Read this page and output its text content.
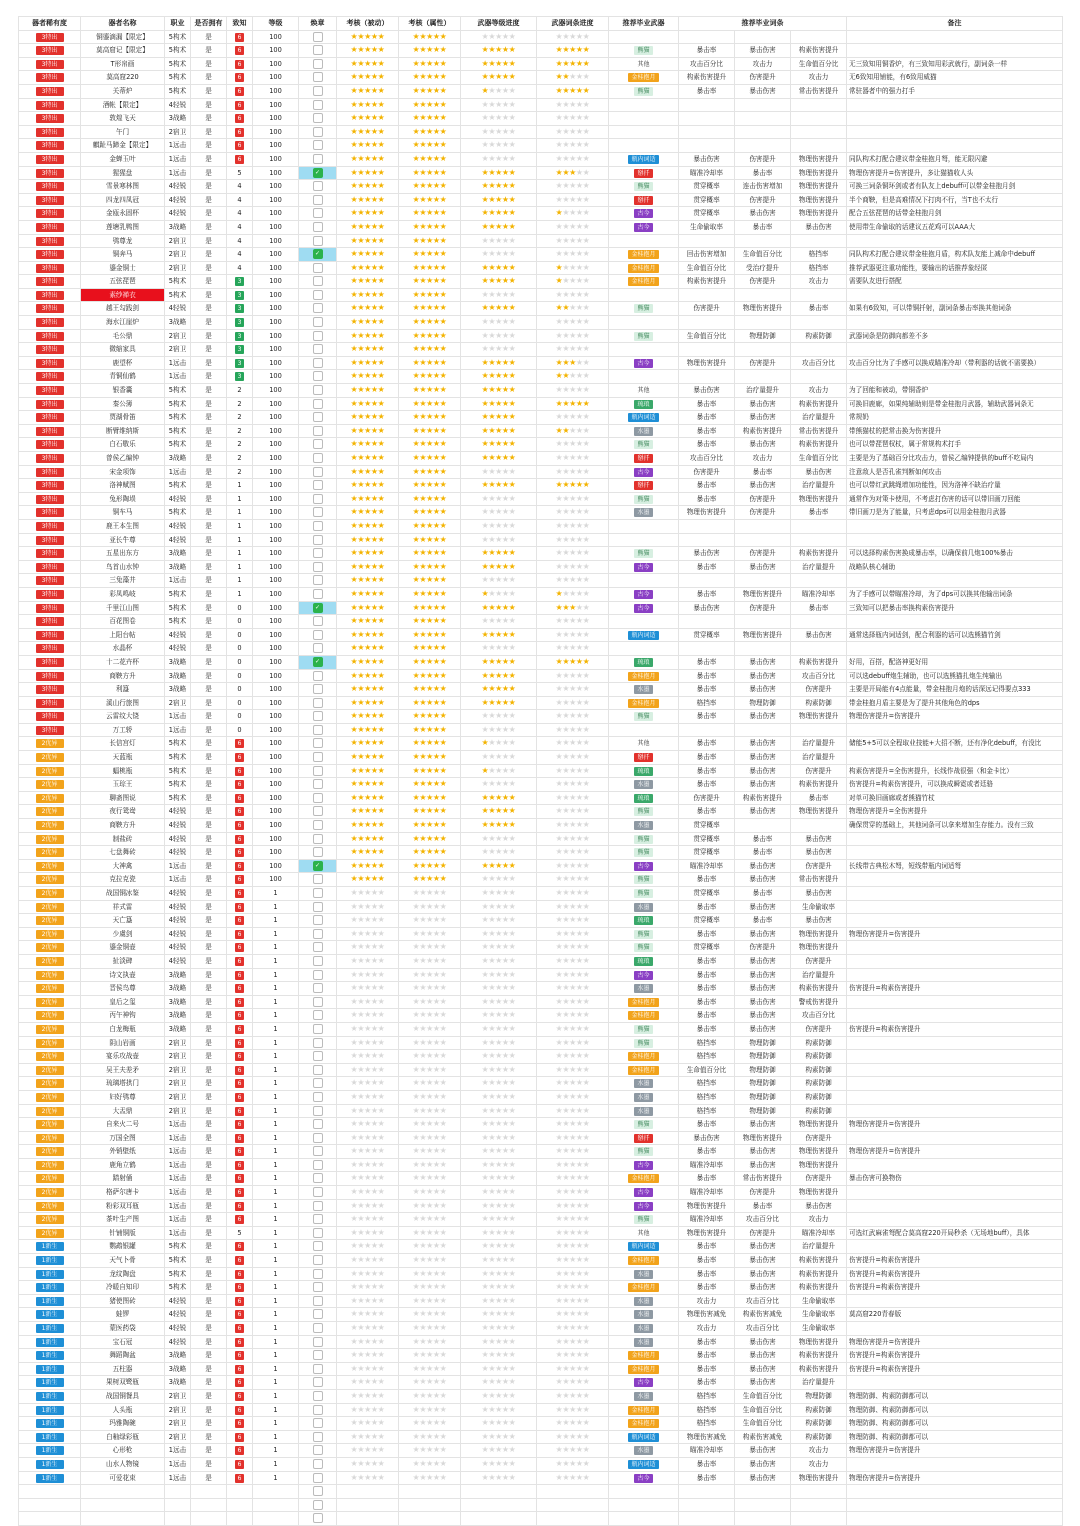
器者稀有度	器者名称	职业	是否拥有	致知	等级	焕章	考核（被动）	考核（属性）	武器等级进度	武器词条进度	推荐毕业武器	推荐毕业词条			备注
3特出	铜鎏滴漏【限定】	5构术	是	6	100		★★★★★	★★★★★	★★★★★	★★★★★					
3特出	莫高窟记【限定】	5构术	是	6	100		★★★★★	★★★★★	★★★★★	★★★★★	熊猫	暴击率	暴击伤害	构素伤害提升	
3特出	T形帛画	5构术	是	6	100		★★★★★	★★★★★	★★★★★	★★★★★	其他	攻击百分比	攻击力	生命值百分比	无三致知用铜香炉，有三致知用彩武就行，副词条一样
3特出	莫高窟220	5构术	是	6	100		★★★★★	★★★★★	★★★★★	★★★★★	金桂抱月	构素伤害提升	伤害提升	攻击力	无6致知用铺能，有6致用威猫
3特出	关蒂炉	5构术	是	6	100		★★★★★	★★★★★	★★★★★	★★★★★	熊猫	暴击率	暴击伤害	常击伤害提升	常驻器者中的强力打手
3特出	酒帐【限定】	4轻锐	是	6	100		★★★★★	★★★★★	★★★★★	★★★★★					
3特出	敦煌飞天	3战略	是	6	100		★★★★★	★★★★★	★★★★★	★★★★★					
3特出	午门	2宿卫	是	6	100		★★★★★	★★★★★	★★★★★	★★★★★					
3特出	麒趾马蹄金【限定】	1远击	是	6	100		★★★★★	★★★★★	★★★★★	★★★★★					
3特出	金蝉玉叶	1远击	是	6	100		★★★★★	★★★★★	★★★★★	★★★★★	瓶内词适	暴击伤害	伤害提升	物理伤害提升	同队构术打配合建议带金桂抱月弩，能无限闪避
3特出	猩猩盘	1远击	是	5	100	✓	★★★★★	★★★★★	★★★★★	★★★★★	掰扦	瞄准冷却率	暴击率	物理伤害提升	物理伤害提升=伤害提升，多让猫猫收人头
3特出	雪景寒林图	4轻锐	是	4	100		★★★★★	★★★★★	★★★★★	★★★★★	熊猫	贯穿概率	连击伤害增加	物理伤害提升	可换三词条铜环剑或者有队友上debuff可以带金桂抱月剑
3特出	四龙四凤冠	4轻锐	是	4	100		★★★★★	★★★★★	★★★★★	★★★★★	掰扦	贯穿概率	伤害提升	物理伤害提升	半个商鞅，但是高难情况下打肉不行，当T也不太行
3特出	金瓯永固杯	4轻锐	是	4	100		★★★★★	★★★★★	★★★★★	★★★★★	古今	贯穿概率	暴击伤害	物理伤害提升	配合五弦琵琶的话带金桂抱月剑
3特出	莲塘乳鸭图	3战略	是	4	100		★★★★★	★★★★★	★★★★★	★★★★★	古今	生命偷取率	暴击率	暴击伤害	使用带生命偷取的话建议五花鸡可以AAA大
3特出	鸮尊龙	2宿卫	是	4	100		★★★★★	★★★★★	★★★★★	★★★★★					
3特出	铜奔马	2宿卫	是	4	100	✓	★★★★★	★★★★★	★★★★★	★★★★★	金桂抱月	回击伤害增加	生命值百分比	格挡率	同队构术打配合建议带金桂抱月盾，构术队友能上减命中debuff
3特出	鎏金铜士	2宿卫	是	4	100		★★★★★	★★★★★	★★★★★	★★★★★	金桂抱月	生命值百分比	受治疗提升	格挡率	推荐武器更注重功能性，要输出的话推荐象经匿
3特出	五弦琵琶	5构术	是	3	100		★★★★★	★★★★★	★★★★★	★★★★★	金桂抱月	构素伤害提升	伤害提升	攻击力	需要队友进行搭配
3特出	素纱禅衣	5构术	是	3	100		★★★★★	★★★★★	★★★★★	★★★★★					
3特出	越王勾践剑	4轻锐	是	3	100		★★★★★	★★★★★	★★★★★	★★★★★	熊猫	伤害提升	物理伤害提升	暴击率	如果有6致知，可以带铜扦射，副词条暴击率换其他词条
3特出	海水江崖炉	3战略	是	3	100		★★★★★	★★★★★	★★★★★	★★★★★					
3特出	毛公鼎	2宿卫	是	3	100		★★★★★	★★★★★	★★★★★	★★★★★	熊猫	生命值百分比	物理防御	构素防御	武器词条是防御向都差不多
3特出	微缩家具	2宿卫	是	3	100		★★★★★	★★★★★	★★★★★	★★★★★					
3特出	鹿望杯	1远击	是	3	100		★★★★★	★★★★★	★★★★★	★★★★★	古今	物理伤害提升	伤害提升	攻击百分比	攻击百分比为了手感可以换成瞄准冷却（带利器的话就不需要换）
3特出	青铜仙鹤	1远击	是	3	100		★★★★★	★★★★★	★★★★★	★★★★★					
3特出	银香囊	5构术	是	2	100		★★★★★	★★★★★	★★★★★	★★★★★	其他	暴击伤害	治疗量提升	攻击力	为了回能和被动，带铜香炉
3特出	秦公簿	5构术	是	2	100		★★★★★	★★★★★	★★★★★	★★★★★	琉琅	暴击率	暴击伤害	构素伤害提升	可换旧鹿廊，如果纯辅助则是带金桂抱月武器，辅助武器词条无
3特出	贾湖骨笛	5构术	是	2	100		★★★★★	★★★★★	★★★★★	★★★★★	瓶内词适	暴击率	暴击伤害	治疗量提升	常规奶
3特出	断臂维纳斯	5构术	是	2	100		★★★★★	★★★★★	★★★★★	★★★★★	水墨	暴击率	构素伤害提升	常击伤害提升	带熊猫杖的把常击换为伤害提升
3特出	白石敬乐	5构术	是	2	100		★★★★★	★★★★★	★★★★★	★★★★★	熊猫	暴击率	暴击伤害	构素伤害提升	也可以带琵琶权杖，属于常规构术打手
3特出	曾侯乙编钟	3战略	是	2	100		★★★★★	★★★★★	★★★★★	★★★★★	掰扦	攻击百分比	攻击力	生命值百分比	主要是为了基础百分比攻击力，曾侯乙编钟提供的buff不吃局内
3特出	宋金项饰	1远击	是	2	100		★★★★★	★★★★★	★★★★★	★★★★★	古今	伤害提升	暴击率	暴击伤害	注意敌人是否孔雀判断如何攻击
3特出	洛神赋图	5构术	是	1	100		★★★★★	★★★★★	★★★★★	★★★★★	掰扦	暴击率	暴击伤害	治疗量提升	也可以带红武跳绳增加功能性，因为洛神不缺治疗量
3特出	兔形陶埙	4轻锐	是	1	100		★★★★★	★★★★★	★★★★★	★★★★★	熊猫	暴击率	伤害提升	物理伤害提升	通常作为对策卡使用，不考虑打伤害的话可以带旧画刀回能
3特出	铜车马	5构术	是	1	100		★★★★★	★★★★★	★★★★★	★★★★★	水墨	物理伤害提升	伤害提升	暴击率	带旧画刀是为了能量，只考虑dps可以用金桂抱月武器
3特出	鹿王本生图	4轻锐	是	1	100		★★★★★	★★★★★	★★★★★	★★★★★					
3特出	亚长牛尊	4轻锐	是	1	100		★★★★★	★★★★★	★★★★★	★★★★★					
3特出	五星出东方	3战略	是	1	100		★★★★★	★★★★★	★★★★★	★★★★★	熊猫	暴击伤害	伤害提升	构素伤害提升	可以选择构素伤害换成暴击率，以确保前几炮100%暴击
3特出	鸟首山水钟	3战略	是	1	100		★★★★★	★★★★★	★★★★★	★★★★★	古今	暴击率	暴击伤害	治疗量提升	战略队核心辅助
3特出	三兔藻井	1远击	是	1	100		★★★★★	★★★★★	★★★★★	★★★★★					
3特出	彩凤鸣岐	5构术	是	1	100		★★★★★	★★★★★	★★★★★	★★★★★	古今	暴击率	物理伤害提升	瞄准冷却率	为了手感可以带瞄准冷却，为了dps可以换其他输出词条
3特出	千里江山图	5构术	是	0	100	✓	★★★★★	★★★★★	★★★★★	★★★★★	古今	暴击伤害	伤害提升	暴击率	三致知可以把暴击率换构素伤害提升
3特出	百花图卷	5构术	是	0	100		★★★★★	★★★★★	★★★★★	★★★★★					
3特出	上阳台帖	4轻锐	是	0	100		★★★★★	★★★★★	★★★★★	★★★★★	瓶内词适	贯穿概率	物理伤害提升	暴击伤害	通常选择瓶内词适剑，配合利器的话可以选熊猫竹剑
3特出	水晶杯	4轻锐	是	0	100		★★★★★	★★★★★	★★★★★	★★★★★					
3特出	十二花卉杯	3战略	是	0	100	✓	★★★★★	★★★★★	★★★★★	★★★★★	琉琅	暴击率	暴击伤害	构素伤害提升	好用，百搭，配洛神更好用
3特出	商鞅方升	3战略	是	0	100		★★★★★	★★★★★	★★★★★	★★★★★	金桂抱月	暴击率	暴击伤害	攻击百分比	可以选debuff炮生辅助，也可以选熊猫扎炮生纯输出
3特出	利簋	3战略	是	0	100		★★★★★	★★★★★	★★★★★	★★★★★	水墨	暴击率	暴击伤害	伤害提升	主要是开局能有4点能量，带金桂抱月炮的话深远记得要点333
3特出	溪山行旅图	2宿卫	是	0	100		★★★★★	★★★★★	★★★★★	★★★★★	金桂抱月	格挡率	物理防御	构素防御	带金桂抱月盾主要是为了提升其他角色的dps
3特出	云雷纹大铙	1远击	是	0	100		★★★★★	★★★★★	★★★★★	★★★★★	熊猫	暴击率	暴击伤害	物理伤害提升	物理伤害提升=伤害提升
3特出	万工轿	1远击	是	0	100		★★★★★	★★★★★	★★★★★	★★★★★					
2优异	长信宫灯	5构术	是	6	100		★★★★★	★★★★★	★★★★★	★★★★★	其他	暴击率	暴击伤害	治疗量提升	储能5+5可以全程取业技能+大招不断，还有净化debuff，有没比
2优异	天蓝瓶	5构术	是	6	100		★★★★★	★★★★★	★★★★★	★★★★★	掰扦	暴击率	暴击伤害	治疗量提升	
2优异	蝠桃瓶	5构术	是	6	100		★★★★★	★★★★★	★★★★★	★★★★★	琉琅	暴击率	暴击伤害	伤害提升	构素伤害提升=全伤害提升，长线作战很强（和金卡比）
2优异	玉琮王	5构术	是	6	100		★★★★★	★★★★★	★★★★★	★★★★★	水墨	暴击率	暴击伤害	构素伤害提升	伤害提升=构素伤害提升，可以换成瞬霓或者廷骆
2优异	聊斋图说	5构术	是	6	100		★★★★★	★★★★★	★★★★★	★★★★★	琉琅	伤害提升	构素伤害提升	暴击率	对单可换旧画廊或者熊猫竹杖
2优异	夜行鸳鸯	4轻锐	是	6	100		★★★★★	★★★★★	★★★★★	★★★★★	熊猫	暴击率	暴击伤害	物理伤害提升	物理伤害提升=全伤害提升
2优异	商鞅方升	4轻锐	是	6	100		★★★★★	★★★★★	★★★★★	★★★★★	水墨	贯穿概率			确保贯穿的基础上，其他词条可以拿来增加生存能力。没有三致
2优异	制盐砖	4轻锐	是	6	100		★★★★★	★★★★★	★★★★★	★★★★★	熊猫	贯穿概率	暴击率	暴击伤害	
2优异	七盘舞砖	4轻锐	是	6	100		★★★★★	★★★★★	★★★★★	★★★★★	熊猫	贯穿概率	暴击率	暴击伤害	
2优异	大神禽	1远击	是	6	100	✓	★★★★★	★★★★★	★★★★★	★★★★★	古今	瞄准冷却率	暴击伤害	伤害提升	长线带古典松木弩，短线带瓶内词适弩
2优异	克拉克瓷	1远击	是	6	100		★★★★★	★★★★★	★★★★★	★★★★★	熊猫	暴击率	暴击伤害	常击伤害提升	
2优异	战国铜冰鉴	4轻锐	是	6	1		★★★★★	★★★★★	★★★★★	★★★★★	熊猫	贯穿概率	暴击率	暴击伤害	
2优异	祥式雷	4轻锐	是	6	1		★★★★★	★★★★★	★★★★★	★★★★★	水墨	暴击率	暴击伤害	生命偷取率	
2优异	天亡簋	4轻锐	是	6	1		★★★★★	★★★★★	★★★★★	★★★★★	琉琅	贯穿概率	暴击率	暴击伤害	
2优异	少虞剑	4轻锐	是	6	1		★★★★★	★★★★★	★★★★★	★★★★★	熊猫	暴击率	暴击伤害	物理伤害提升	物理伤害提升=伤害提升
2优异	鎏金铜壶	4轻锐	是	6	1		★★★★★	★★★★★	★★★★★	★★★★★	熊猫	贯穿概率	伤害提升	物理伤害提升	
2优异	扯淡碑	4轻锐	是	6	1		★★★★★	★★★★★	★★★★★	★★★★★	琉琅	暴击率	暴击伤害	伤害提升	
2优异	诗文执壶	3战略	是	6	1		★★★★★	★★★★★	★★★★★	★★★★★	古今	暴击率	暴击伤害	治疗量提升	
2优异	晋侯鸟尊	3战略	是	6	1		★★★★★	★★★★★	★★★★★	★★★★★	水墨	暴击率	暴击伤害	构素伤害提升	伤害提升=构素伤害提升
2优异	皇后之玺	3战略	是	6	1		★★★★★	★★★★★	★★★★★	★★★★★	金桂抱月	暴击率	暴击伤害	警戒伤害提升	
2优异	丙午神钩	3战略	是	6	1		★★★★★	★★★★★	★★★★★	★★★★★	金桂抱月	暴击率	暴击伤害	攻击百分比	
2优异	白龙梅瓶	3战略	是	6	1		★★★★★	★★★★★	★★★★★	★★★★★	熊猫	暴击率	暴击伤害	伤害提升	伤害提升=构素伤害提升
2优异	阴山岩画	2宿卫	是	6	1		★★★★★	★★★★★	★★★★★	★★★★★	熊猫	格挡率	物理防御	构素防御	
2优异	宴乐攻战壶	2宿卫	是	6	1		★★★★★	★★★★★	★★★★★	★★★★★	金桂抱月	格挡率	物理防御	构素防御	
2优异	吴王夫差矛	2宿卫	是	6	1		★★★★★	★★★★★	★★★★★	★★★★★	金桂抱月	生命值百分比	物理防御	构素防御	
2优异	琉璃塔拱门	2宿卫	是	6	1		★★★★★	★★★★★	★★★★★	★★★★★	水墨	格挡率	物理防御	构素防御	
2优异	妇好鸮尊	2宿卫	是	6	1		★★★★★	★★★★★	★★★★★	★★★★★	水墨	格挡率	物理防御	构素防御	
2优异	大盂鼎	2宿卫	是	6	1		★★★★★	★★★★★	★★★★★	★★★★★	水墨	格挡率	物理防御	构素防御	
2优异	自来火二号	1远击	是	6	1		★★★★★	★★★★★	★★★★★	★★★★★	熊猫	暴击率	暴击伤害	物理伤害提升	物理伤害提升=伤害提升
2优异	万国全图	1远击	是	6	1		★★★★★	★★★★★	★★★★★	★★★★★	掰扦	暴击伤害	物理伤害提升	伤害提升	
2优异	外销壁纸	1远击	是	6	1		★★★★★	★★★★★	★★★★★	★★★★★	熊猫	暴击率	暴击伤害	物理伤害提升	物理伤害提升=伤害提升
2优异	鹿角立鹤	1远击	是	6	1		★★★★★	★★★★★	★★★★★	★★★★★	古今	瞄准冷却率	暴击伤害	物理伤害提升	
2优异	踏射俑	1远击	是	6	1		★★★★★	★★★★★	★★★★★	★★★★★	金桂抱月	暴击率	常击伤害提升	伤害提升	暴击伤害可换物伤
2优异	格萨尔唐卡	1远击	是	6	1		★★★★★	★★★★★	★★★★★	★★★★★	古今	瞄准冷却率	伤害提升	物理伤害提升	
2优异	粉彩双耳瓶	1远击	是	6	1		★★★★★	★★★★★	★★★★★	★★★★★	古今	物理伤害提升	暴击率	暴击伤害	
2优异	茶叶生产图	1远击	是	6	1		★★★★★	★★★★★	★★★★★	★★★★★	熊猫	瞄准冷却率	攻击百分比	攻击力	
2优异	针铺铜版	1远击	是	5	1		★★★★★	★★★★★	★★★★★	★★★★★	其他	物理伤害提升	伤害提升	瞄准冷却率	可选红武麻雀弩配合莫高窟220开局秒杀（无场地buff），具体
1新生	鹦鹉银罐	5构术	是	6	1		★★★★★	★★★★★	★★★★★	★★★★★	瓶内词适	暴击率	暴击伤害	治疗量提升	
1新生	天气卜骨	5构术	是	6	1		★★★★★	★★★★★	★★★★★	★★★★★	金桂抱月	暴击率	暴击伤害	构素伤害提升	伤害提升=构素伤害提升
1新生	龙纹陶盘	5构术	是	6	1		★★★★★	★★★★★	★★★★★	★★★★★	水墨	暴击率	暴击伤害	构素伤害提升	伤害提升=构素伤害提升
1新生	冷暖自知印	5构术	是	6	1		★★★★★	★★★★★	★★★★★	★★★★★	金桂抱月	暴击率	暴击伤害	构素伤害提升	伤害提升=构素伤害提升
1新生	猪使图砖	4轻锐	是	6	1		★★★★★	★★★★★	★★★★★	★★★★★	水墨	攻击力	攻击百分比	生命偷取率	
1新生	蛙锣	4轻锐	是	6	1		★★★★★	★★★★★	★★★★★	★★★★★	水墨	物理伤害减免	构素伤害减免	生命偷取率	莫高窟220青春版
1新生	蒙医药袋	4轻锐	是	6	1		★★★★★	★★★★★	★★★★★	★★★★★	水墨	攻击力	攻击百分比	生命偷取率	
1新生	宝石冠	4轻锐	是	6	1		★★★★★	★★★★★	★★★★★	★★★★★	水墨	暴击率	暴击伤害	物理伤害提升	物理伤害提升=伤害提升
1新生	舞蹈陶盆	3战略	是	6	1		★★★★★	★★★★★	★★★★★	★★★★★	金桂抱月	暴击率	暴击伤害	构素伤害提升	伤害提升=构素伤害提升
1新生	五柱器	3战略	是	6	1		★★★★★	★★★★★	★★★★★	★★★★★	金桂抱月	暴击率	暴击伤害	构素伤害提升	伤害提升=构素伤害提升
1新生	果树双鹭瓶	3战略	是	6	1		★★★★★	★★★★★	★★★★★	★★★★★	古今	暴击率	暴击伤害	治疗量提升	
1新生	战国铜餐具	2宿卫	是	6	1		★★★★★	★★★★★	★★★★★	★★★★★	水墨	格挡率	生命值百分比	物理防御	物理防御、构素防御都可以
1新生	人头瓶	2宿卫	是	6	1		★★★★★	★★★★★	★★★★★	★★★★★	金桂抱月	格挡率	生命值百分比	构素防御	物理防御、构素防御都可以
1新生	玛雅陶碗	2宿卫	是	6	1		★★★★★	★★★★★	★★★★★	★★★★★	金桂抱月	格挡率	生命值百分比	构素防御	物理防御、构素防御都可以
1新生	白釉绿彩瓶	2宿卫	是	6	1		★★★★★	★★★★★	★★★★★	★★★★★	瓶内词适	物理伤害减免	构素伤害减免	构素防御	物理防御、构素防御都可以
1新生	心形枪	1远击	是	6	1		★★★★★	★★★★★	★★★★★	★★★★★	水墨	瞄准冷却率	暴击伤害	攻击力	物理伤害提升=伤害提升
1新生	山水人物镜	1远击	是	6	1		★★★★★	★★★★★	★★★★★	★★★★★	瓶内词适	暴击率	暴击伤害	攻击力	
1新生	可爱花束	1远击	是	6	1		★★★★★	★★★★★	★★★★★	★★★★★	古今	暴击率	暴击伤害	物理伤害提升	物理伤害提升=伤害提升
